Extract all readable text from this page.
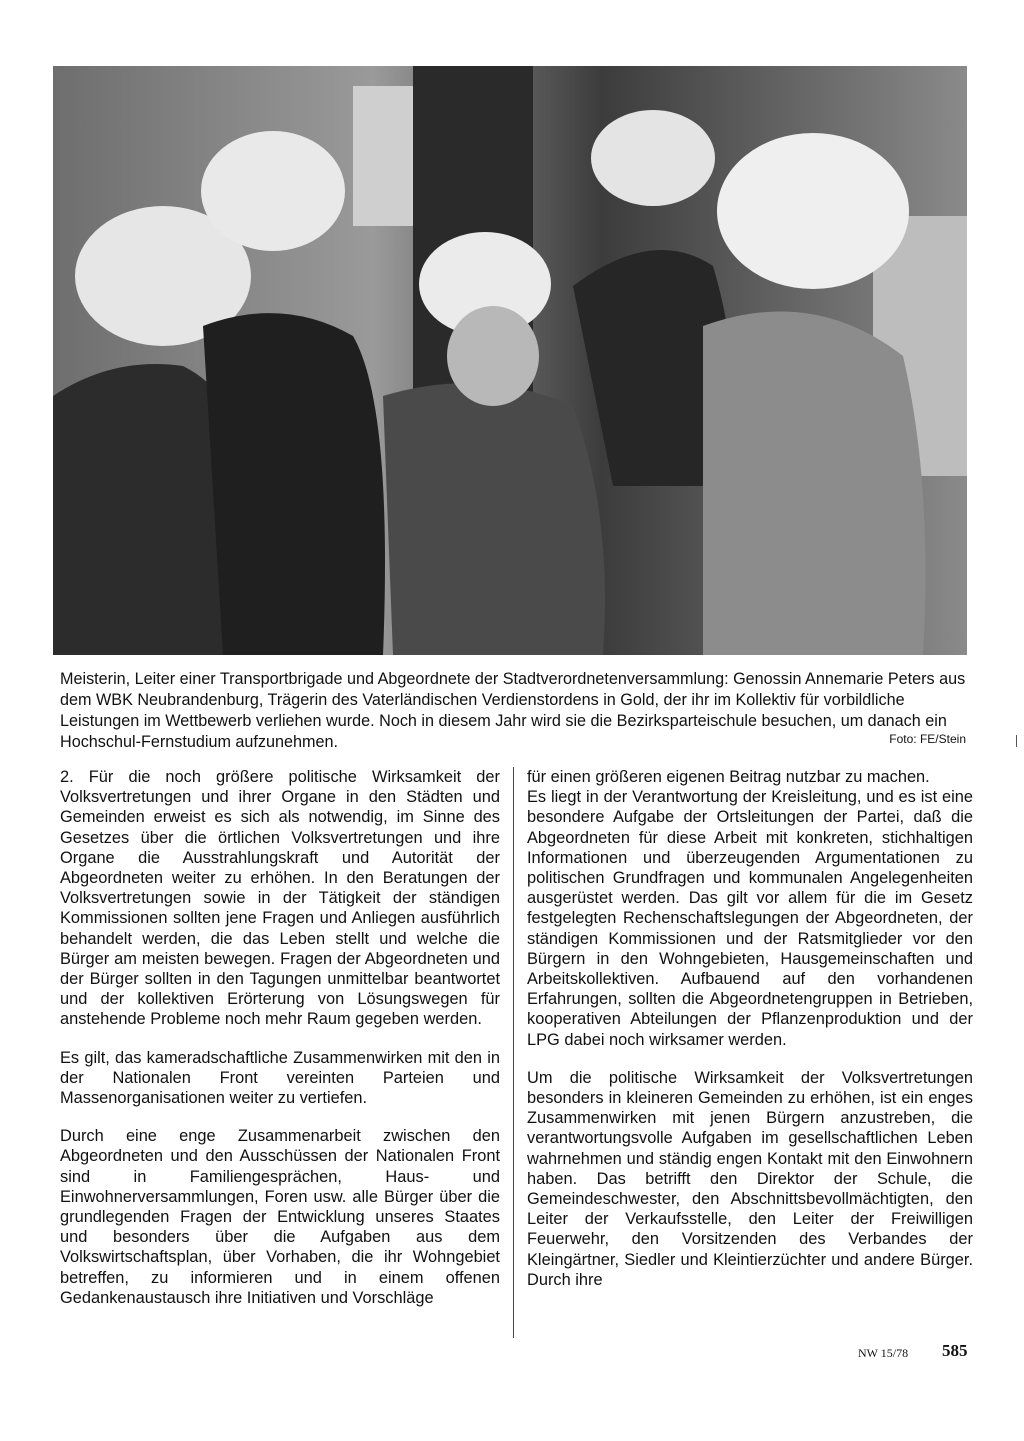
Meisterin, Leiter einer Transportbrigade und Abgeordnete der Stadtverordnetenversammlung: Genossin Annemarie Peters aus dem WBK Neubrandenburg, Trägerin des Vaterländischen Verdienstordens in Gold, der ihr im Kollektiv für vorbildliche Leistungen im Wettbewerb verliehen wurde. Noch in diesem Jahr wird sie die Bezirksparteischule besuchen, um danach ein Hochschul-Fernstudium aufzunehmen.	Foto: FE/Stein

2. Für die noch größere politische Wirksamkeit der Volksvertretungen und ihrer Organe in den Städten und Gemeinden erweist es sich als notwendig, im Sinne des Gesetzes über die örtlichen Volksvertretungen und ihre Organe die Ausstrahlungskraft und Autorität der Abgeordneten weiter zu erhöhen. In den Beratungen der Volksvertretungen sowie in der Tätigkeit der ständigen Kommissionen sollten jene Fragen und Anliegen ausführlich behandelt werden, die das Leben stellt und welche die Bürger am meisten bewegen. Fragen der Abgeordneten und der Bürger sollten in den Tagungen unmittelbar beantwortet und der kollektiven Erörterung von Lösungswegen für anstehende Probleme noch mehr Raum gegeben werden.

Es gilt, das kameradschaftliche Zusammenwirken mit den in der Nationalen Front vereinten Parteien und Massenorganisationen weiter zu vertiefen.

Durch eine enge Zusammenarbeit zwischen den Abgeordneten und den Ausschüssen der Nationalen Front sind in Familiengesprächen, Haus- und Einwohnerversammlungen, Foren usw. alle Bürger über die grundlegenden Fragen der Entwicklung unseres Staates und besonders über die Aufgaben aus dem Volkswirtschaftsplan, über Vorhaben, die ihr Wohngebiet betreffen, zu informieren und in einem offenen Gedankenaustausch ihre Initiativen und Vorschläge

für einen größeren eigenen Beitrag nutzbar zu machen.

Es liegt in der Verantwortung der Kreisleitung, und es ist eine besondere Aufgabe der Ortsleitungen der Partei, daß die Abgeordneten für diese Arbeit mit konkreten, stichhaltigen Informationen und überzeugenden Argumentationen zu politischen Grundfragen und kommunalen Angelegenheiten ausgerüstet werden. Das gilt vor allem für die im Gesetz festgelegten Rechenschaftslegungen der Abgeordneten, der ständigen Kommissionen und der Ratsmitglieder vor den Bürgern in den Wohngebieten, Hausgemeinschaften und Arbeitskollektiven. Aufbauend auf den vorhandenen Erfahrungen, sollten die Abgeordnetengruppen in Betrieben, kooperativen Abteilungen der Pflanzenproduktion und der LPG dabei noch wirksamer werden.

Um die politische Wirksamkeit der Volksvertretungen besonders in kleineren Gemeinden zu erhöhen, ist ein enges Zusammenwirken mit jenen Bürgern anzustreben, die verantwortungsvolle Aufgaben im gesellschaftlichen Leben wahrnehmen und ständig engen Kontakt mit den Einwohnern haben. Das betrifft den Direktor der Schule, die Gemeindeschwester, den Abschnittsbevollmächtigten, den Leiter der Verkaufsstelle, den Leiter der Freiwilligen Feuerwehr, den Vorsitzenden des Verbandes der Kleingärtner, Siedler und Kleintierzüchter und andere Bürger. Durch ihre

NW 15/78 585
